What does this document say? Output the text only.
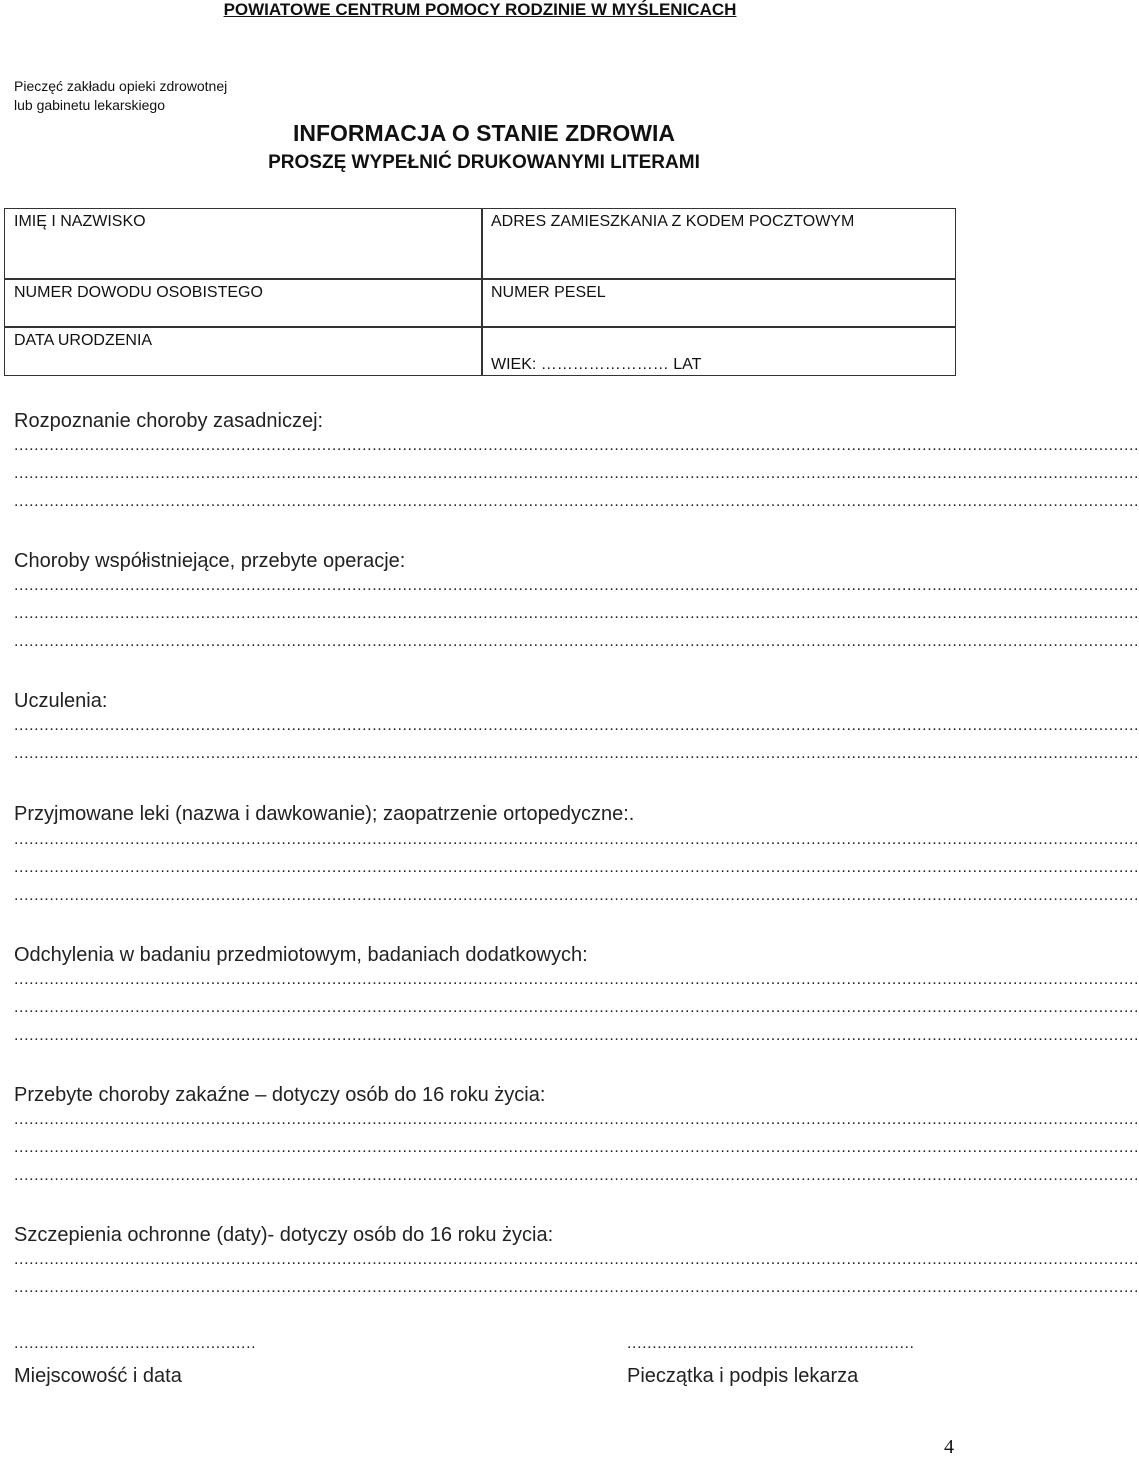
POWIATOWE CENTRUM POMOCY RODZINIE W MYŚLENICACH
Pieczęć zakładu opieki zdrowotnej
lub gabinetu lekarskiego
INFORMACJA O STANIE ZDROWIA
PROSZĘ WYPEŁNIĆ DRUKOWANYMI LITERAMI
IMIĘ I NAZWISKO	ADRES ZAMIESZKANIA Z KODEM POCZTOWYM
NUMER DOWODU OSOBISTEGO	NUMER PESEL
DATA URODZENIA
WIEK: …………………… LAT
Rozpoznanie choroby zasadniczej:
...............................................................................................................................................................................................................................
...............................................................................................................................................................................................................................
...............................................................................................................................................................................................................................
Choroby współistniejące, przebyte operacje:
...............................................................................................................................................................................................................................
...............................................................................................................................................................................................................................
...............................................................................................................................................................................................................................
Uczulenia:
...............................................................................................................................................................................................................................
...............................................................................................................................................................................................................................
Przyjmowane leki (nazwa i dawkowanie); zaopatrzenie ortopedyczne:.
...............................................................................................................................................................................................................................
...............................................................................................................................................................................................................................
...............................................................................................................................................................................................................................
Odchylenia w badaniu przedmiotowym, badaniach dodatkowych:
...............................................................................................................................................................................................................................
...............................................................................................................................................................................................................................
...............................................................................................................................................................................................................................
Przebyte choroby zakaźne – dotyczy osób do 16 roku życia:
...............................................................................................................................................................................................................................
...............................................................................................................................................................................................................................
...............................................................................................................................................................................................................................
Szczepienia ochronne (daty)- dotyczy osób do 16 roku życia:
...............................................................................................................................................................................................................................
...............................................................................................................................................................................................................................
................................................
Miejscowość i data
.........................................................
Pieczątka i podpis lekarza
4
